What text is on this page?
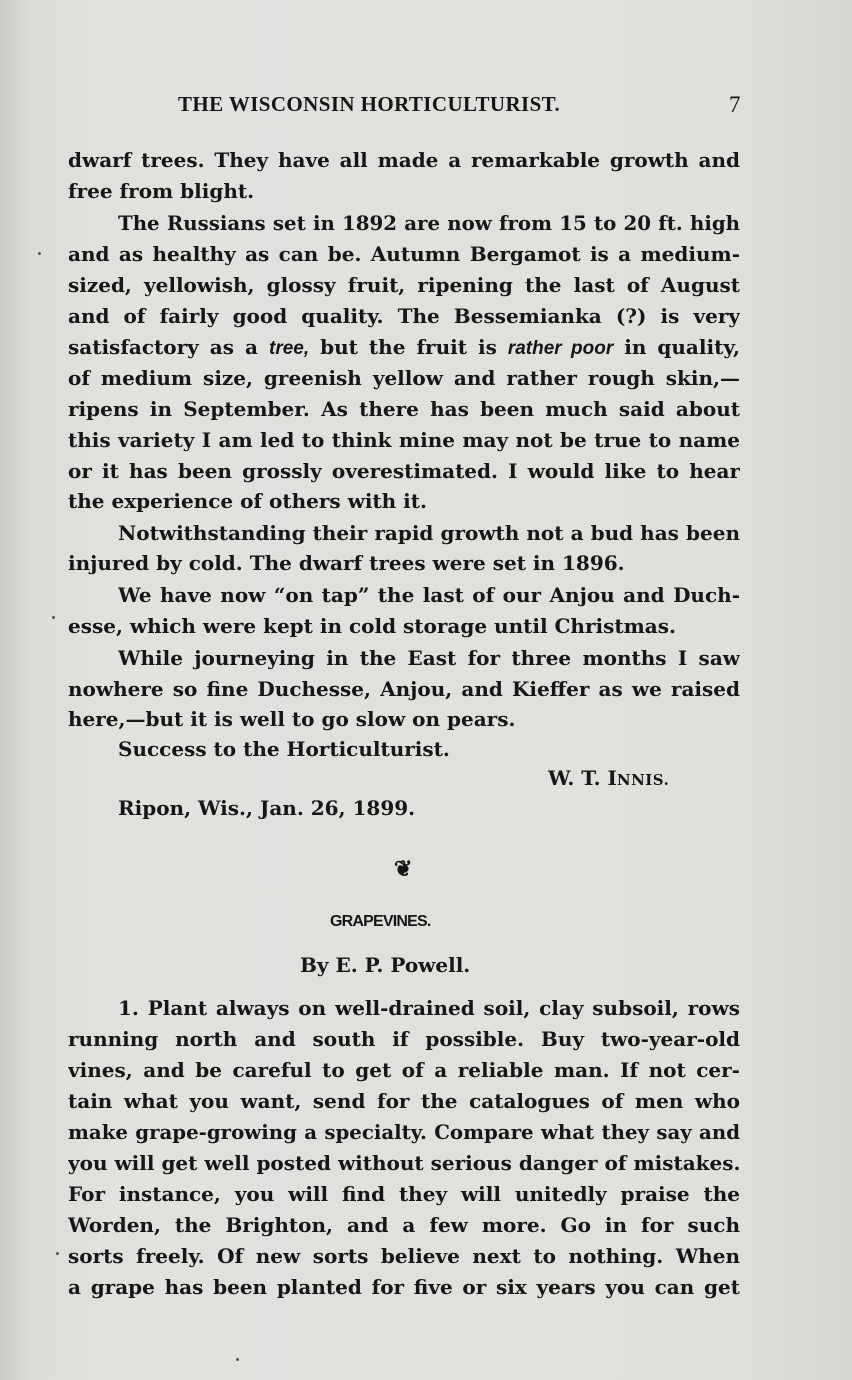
THE WISCONSIN HORTICULTURIST.	7
dwarf trees. They have all made a remarkable growth and
free from blight.
The Russians set in 1892 are now from 15 to 20 ft. high
and as healthy as can be. Autumn Bergamot is a medium-
sized, yellowish, glossy fruit, ripening the last of August
and of fairly good quality. The Bessemianka (?) is very
satisfactory as a tree, but the fruit is rather poor in quality,
of medium size, greenish yellow and rather rough skin,—
ripens in September. As there has been much said about
this variety I am led to think mine may not be true to name
or it has been grossly overestimated. I would like to hear
the experience of others with it.
Notwithstanding their rapid growth not a bud has been
injured by cold. The dwarf trees were set in 1896.
We have now “on tap” the last of our Anjou and Duch-
esse, which were kept in cold storage until Christmas.
While journeying in the East for three months I saw
nowhere so fine Duchesse, Anjou, and Kieffer as we raised
here,—but it is well to go slow on pears.
Success to the Horticulturist.
W. T. INNIS.
Ripon, Wis., Jan. 26, 1899.
❦
GRAPEVINES.
By E. P. Powell.
1. Plant always on well-drained soil, clay subsoil, rows
running north and south if possible. Buy two-year-old
vines, and be careful to get of a reliable man. If not cer-
tain what you want, send for the catalogues of men who
make grape-growing a specialty. Compare what they say and
you will get well posted without serious danger of mistakes.
For instance, you will find they will unitedly praise the
Worden, the Brighton, and a few more. Go in for such
sorts freely. Of new sorts believe next to nothing. When
a grape has been planted for five or six years you can get
